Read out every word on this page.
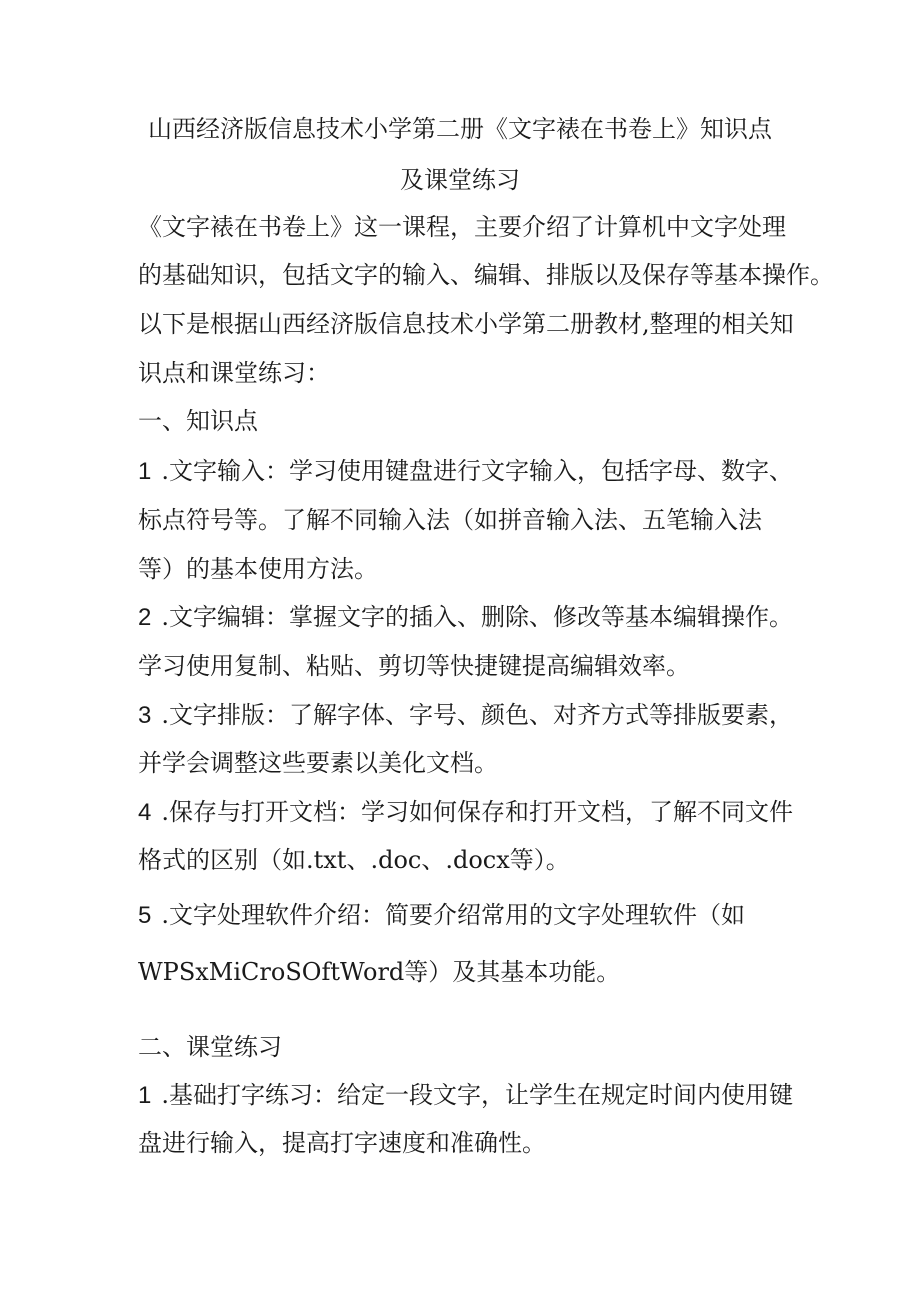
山西经济版信息技术小学第二册《文字裱在书卷上》知识点

及课堂练习

《文字裱在书卷上》这一课程，主要介绍了计算机中文字处理

的基础知识，包括文字的输入、编辑、排版以及保存等基本操作。

以下是根据山西经济版信息技术小学第二册教材,整理的相关知

识点和课堂练习：

一、知识点

1 .文字输入：学习使用键盘进行文字输入，包括字母、数字、

标点符号等。了解不同输入法（如拼音输入法、五笔输入法

等）的基本使用方法。

2 .文字编辑：掌握文字的插入、删除、修改等基本编辑操作。

学习使用复制、粘贴、剪切等快捷键提高编辑效率。

3 .文字排版：了解字体、字号、颜色、对齐方式等排版要素，

并学会调整这些要素以美化文档。

4 .保存与打开文档：学习如何保存和打开文档，了解不同文件

格式的区别（如.txt、.doc、.docx等）。

5 .文字处理软件介绍：简要介绍常用的文字处理软件（如

WPSxMiCroSOftWord等）及其基本功能。

二、课堂练习

1 .基础打字练习：给定一段文字，让学生在规定时间内使用键

盘进行输入，提高打字速度和准确性。
